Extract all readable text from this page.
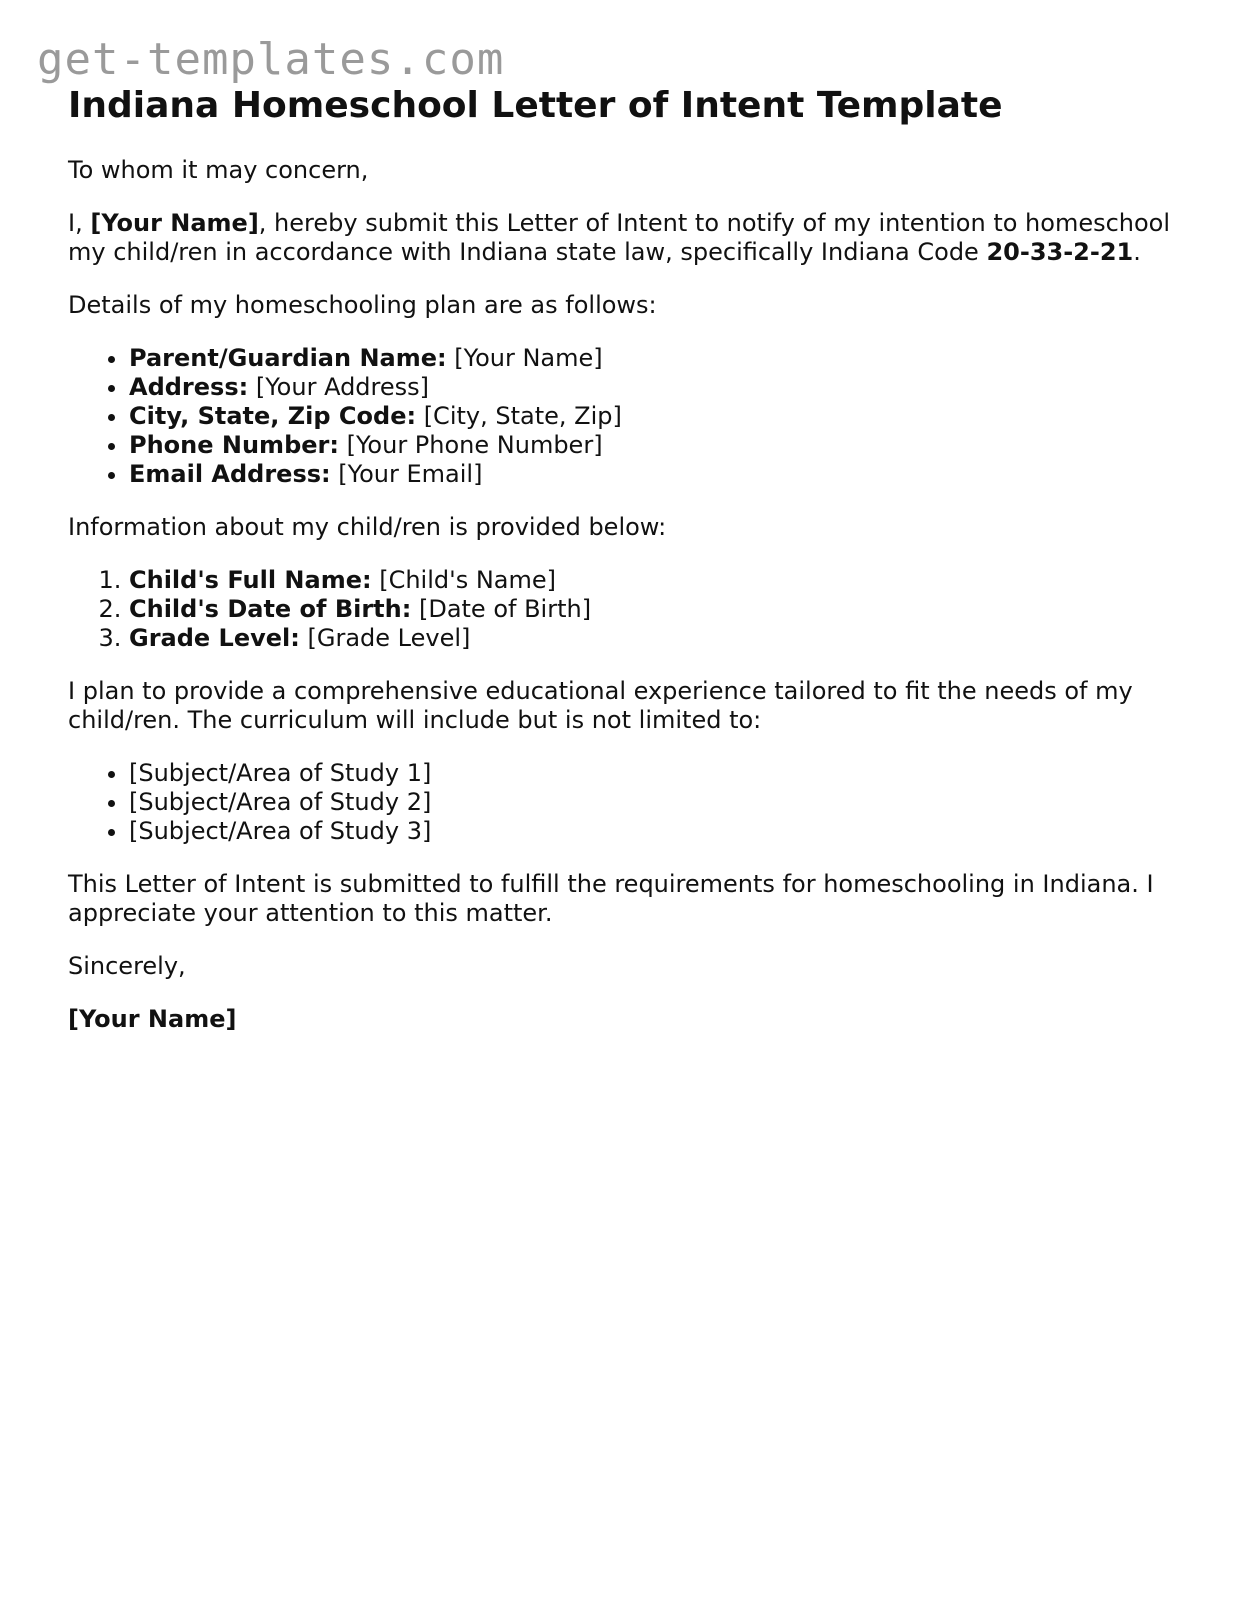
get-templates.com
Indiana Homeschool Letter of Intent Template

To whom it may concern,

I, [Your Name], hereby submit this Letter of Intent to notify of my intention to homeschool my child/ren in accordance with Indiana state law, specifically Indiana Code 20-33-2-21.

Details of my homeschooling plan are as follows:

• Parent/Guardian Name: [Your Name]
• Address: [Your Address]
• City, State, Zip Code: [City, State, Zip]
• Phone Number: [Your Phone Number]
• Email Address: [Your Email]

Information about my child/ren is provided below:

1. Child's Full Name: [Child's Name]
2. Child's Date of Birth: [Date of Birth]
3. Grade Level: [Grade Level]

I plan to provide a comprehensive educational experience tailored to fit the needs of my child/ren. The curriculum will include but is not limited to:

• [Subject/Area of Study 1]
• [Subject/Area of Study 2]
• [Subject/Area of Study 3]

This Letter of Intent is submitted to fulfill the requirements for homeschooling in Indiana. I appreciate your attention to this matter.

Sincerely,

[Your Name]
